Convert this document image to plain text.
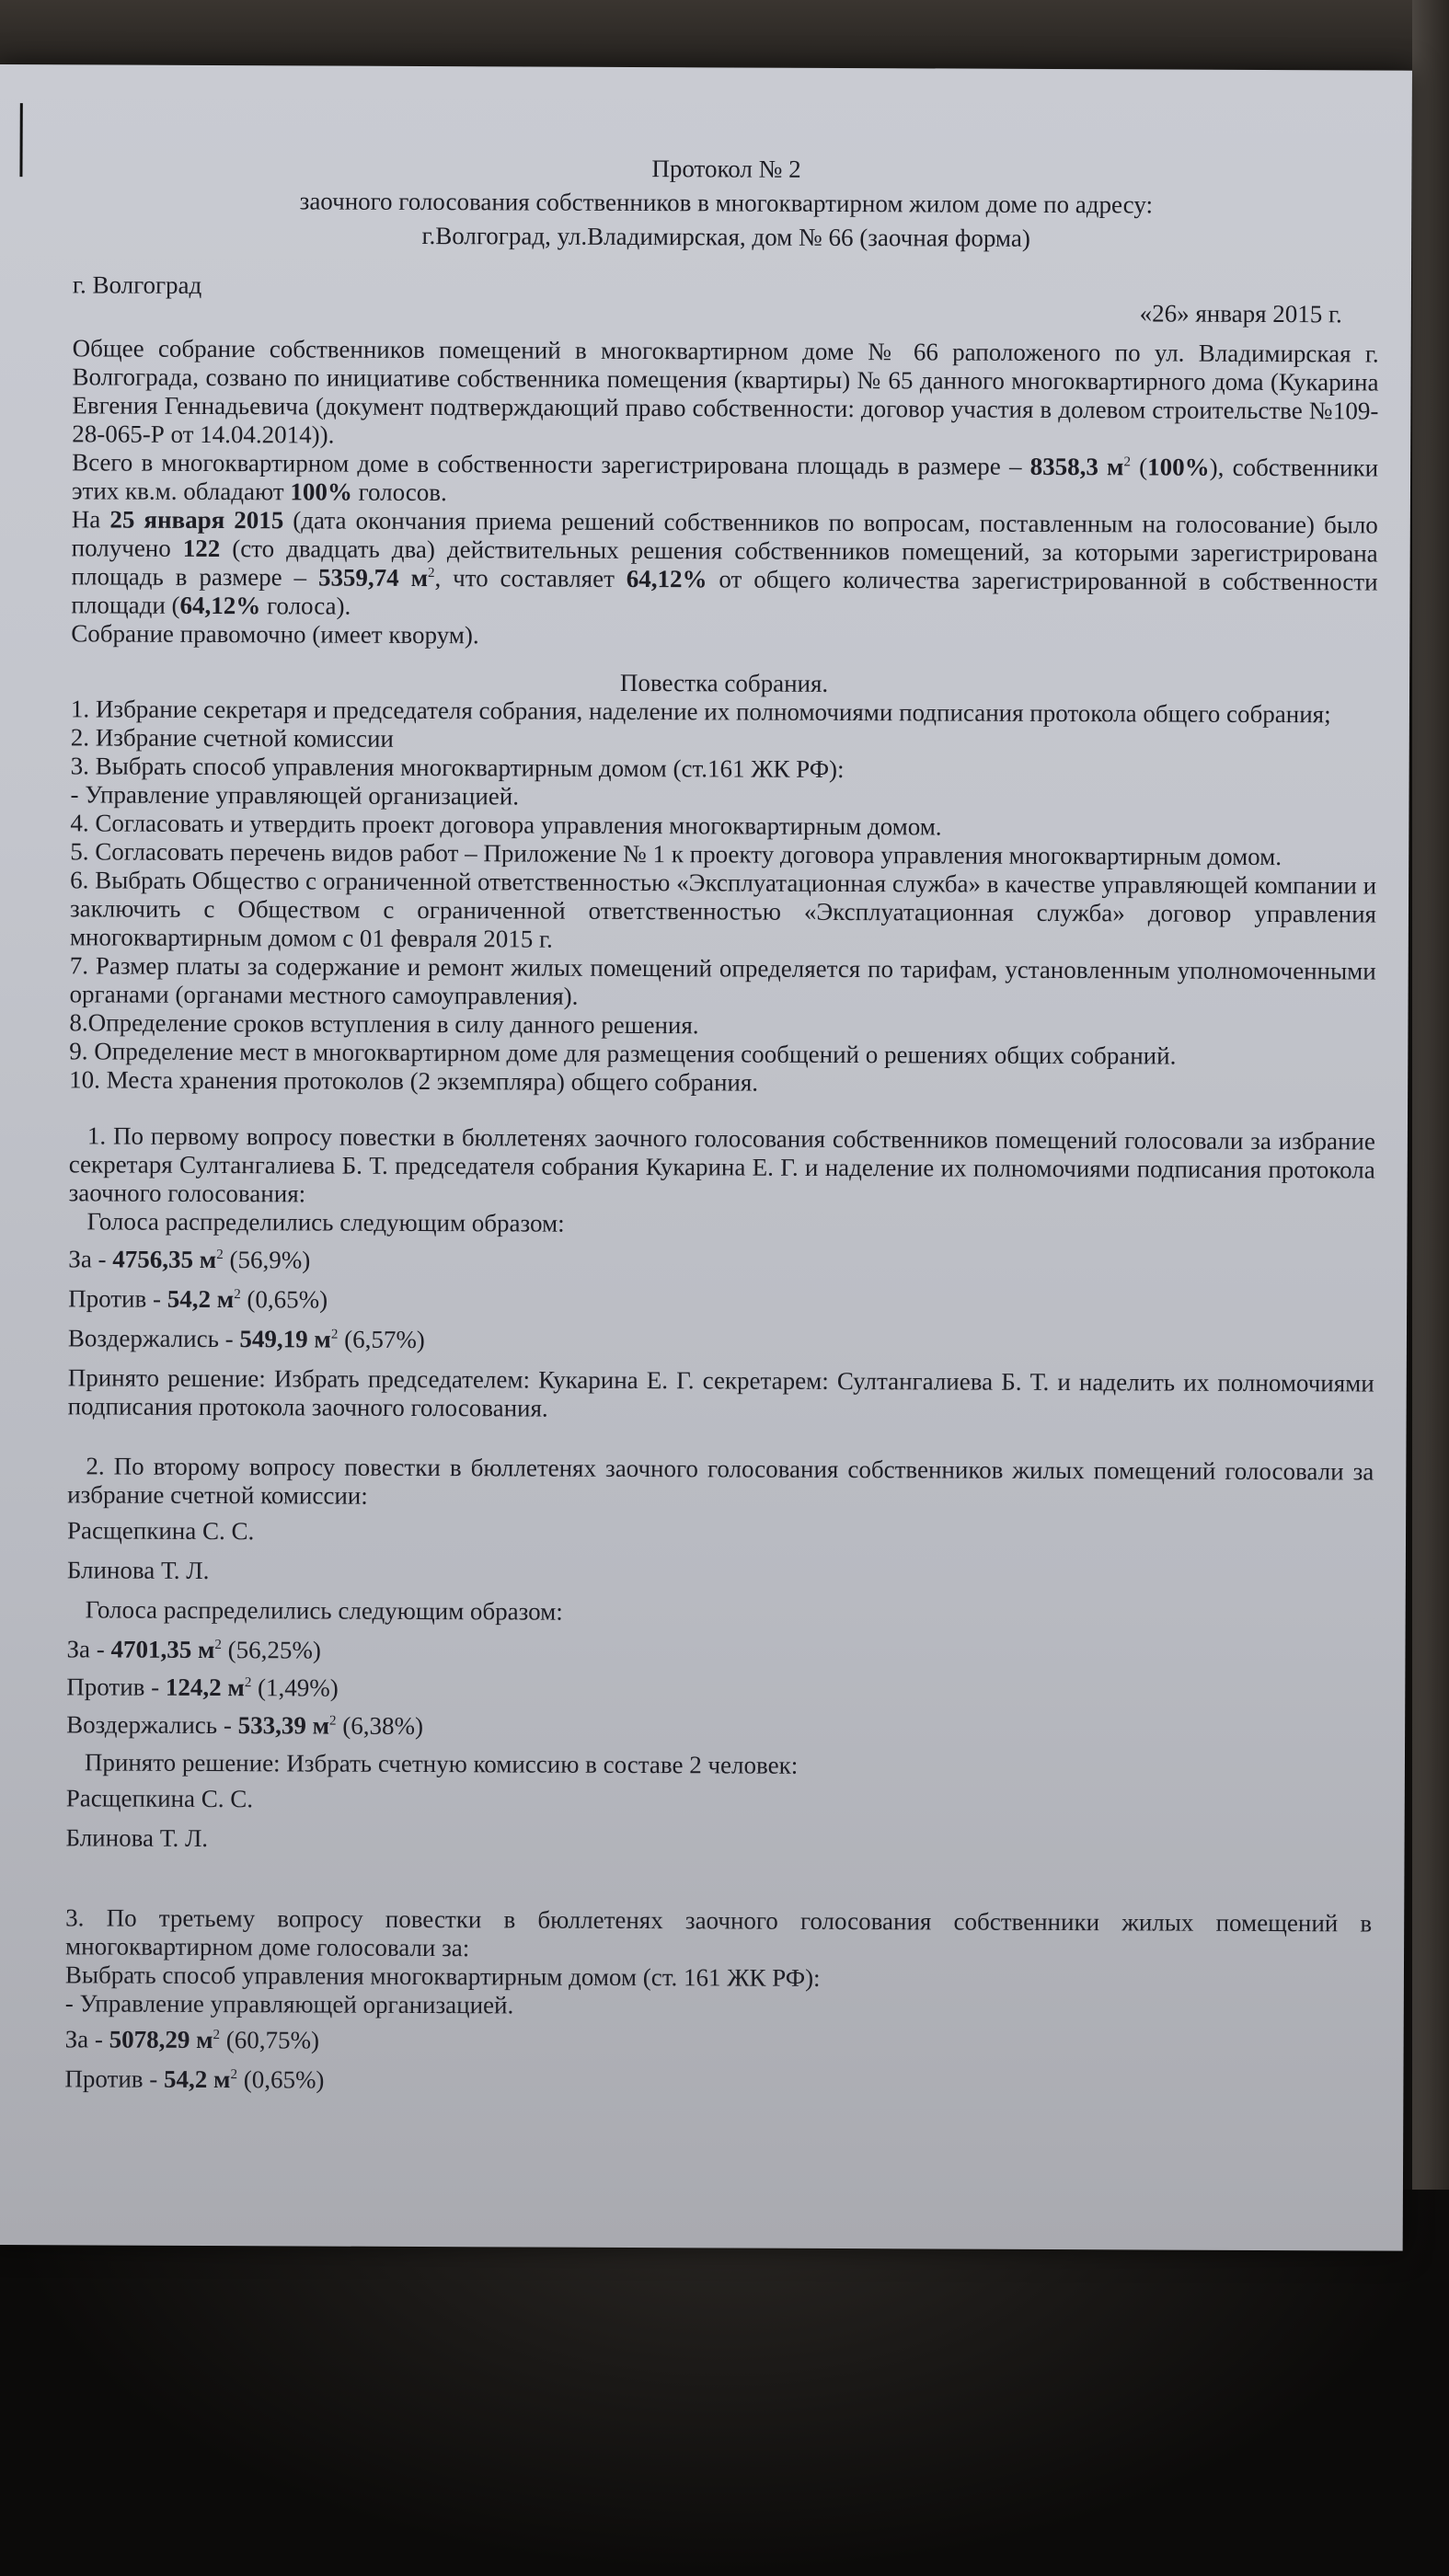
Протокол № 2

заочного голосования собственников в многоквартирном жилом доме по адресу:

г.Волгоград, ул.Владимирская, дом № 66 (заочная форма)

г. Волгоград
«26» января 2015 г.

Общее собрание собственников помещений в многоквартирном доме № 66 раположеного по ул. Владимирская г. Волгограда, созвано по инициативе собственника помещения (квартиры) № 65 данного многоквартирного дома (Кукарина Евгения Геннадьевича (документ подтверждающий право собственности: договор участия в долевом строительстве №109-28-065-Р от 14.04.2014)).

Всего в многоквартирном доме в собственности зарегистрирована площадь в размере – 8358,3 $м^2$ (100%), собственники этих кв.м. обладают 100% голосов.

На 25 января 2015 (дата окончания приема решений собственников по вопросам, поставленным на голосование) было получено 122 (сто двадцать два) действительных решения собственников помещений, за которыми зарегистрирована площадь в размере – 5359,74 $м^2$, что составляет 64,12% от общего количества зарегистрированной в собственности площади (64,12% голоса).

Собрание правомочно (имеет кворум).

Повестка собрания.

1. Избрание секретаря и председателя собрания, наделение их полномочиями подписания протокола общего собрания;

2. Избрание счетной комиссии

3. Выбрать способ управления многоквартирным домом (ст.161 ЖК РФ):

- Управление управляющей организацией.

4. Согласовать и утвердить проект договора управления многоквартирным домом.

5. Согласовать перечень видов работ – Приложение № 1 к проекту договора управления многоквартирным домом.

6. Выбрать Общество с ограниченной ответственностью «Эксплуатационная служба» в качестве управляющей компании и заключить с Обществом с ограниченной ответственностью «Эксплуатационная служба» договор управления многоквартирным домом с 01 февраля 2015 г.

7. Размер платы за содержание и ремонт жилых помещений определяется по тарифам, установленным уполномоченными органами (органами местного самоуправления).

8.Определение сроков вступления в силу данного решения.

9. Определение мест в многоквартирном доме для размещения сообщений о решениях общих собраний.

10. Места хранения протоколов (2 экземпляра) общего собрания.

1. По первому вопросу повестки в бюллетенях заочного голосования собственников помещений голосовали за избрание секретаря Султангалиева Б. Т. председателя собрания Кукарина Е. Г. и наделение их полномочиями подписания протокола заочного голосования:

Голоса распределились следующим образом:

За - 4756,35 $м^2$ (56,9%)

Против - 54,2 $м^2$ (0,65%)

Воздержались - 549,19 $м^2$ (6,57%)

Принято решение: Избрать председателем: Кукарина Е. Г. секретарем: Султангалиева Б. Т. и наделить их полномочиями подписания протокола заочного голосования.

2. По второму вопросу повестки в бюллетенях заочного голосования собственников жилых помещений голосовали за избрание счетной комиссии:

Расщепкина С. С.

Блинова Т. Л.

Голоса распределились следующим образом:

За - 4701,35 $м^2$ (56,25%)

Против - 124,2 $м^2$ (1,49%)

Воздержались - 533,39 $м^2$ (6,38%)

Принято решение: Избрать счетную комиссию в составе 2 человек:

Расщепкина С. С.

Блинова Т. Л.

3. По третьему вопросу повестки в бюллетенях заочного голосования собственники жилых помещений в многоквартирном доме голосовали за:

Выбрать способ управления многоквартирным домом (ст. 161 ЖК РФ):

- Управление управляющей организацией.

За - 5078,29 $м^2$ (60,75%)

Против - 54,2 $м^2$ (0,65%)
